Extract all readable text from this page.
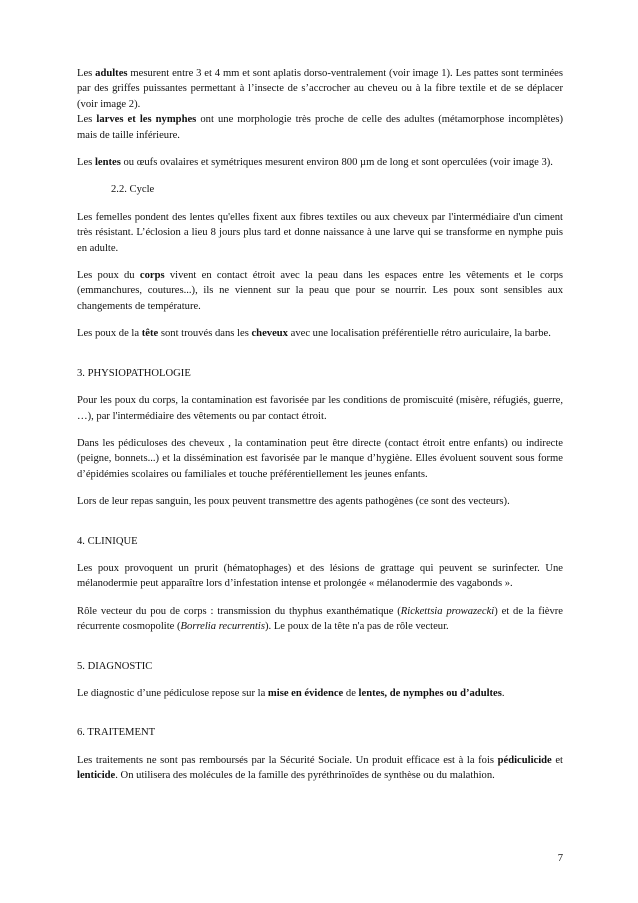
Les adultes mesurent entre 3 et 4 mm et sont aplatis dorso-ventralement (voir image 1). Les pattes sont terminées par des griffes puissantes permettant à l’insecte de s’accrocher au cheveu ou à la fibre textile et de se déplacer (voir image 2).

Les larves et les nymphes ont une morphologie très proche de celle des adultes (métamorphose incomplètes) mais de taille inférieure.

Les lentes ou œufs ovalaires et symétriques mesurent environ 800 µm de long et sont operculées (voir image 3).

2.2. Cycle

Les femelles pondent des lentes qu'elles fixent aux fibres textiles ou aux cheveux par l'intermédiaire d'un ciment très résistant. L’éclosion a lieu 8 jours plus tard et donne naissance à une larve qui se transforme en nymphe puis en adulte.

Les poux du corps vivent en contact étroit avec la peau dans les espaces entre les vêtements et le corps (emmanchures, coutures...), ils ne viennent sur la peau que pour se nourrir. Les poux sont sensibles aux changements de température.

Les poux de la tête sont trouvés dans les cheveux avec une localisation préférentielle rétro auriculaire, la barbe.

3. PHYSIOPATHOLOGIE

Pour les poux du corps, la contamination est favorisée par les conditions de promiscuité (misère, réfugiés, guerre, …), par l'intermédiaire des vêtements ou par contact étroit.

Dans les pédiculoses des cheveux , la contamination peut être directe (contact étroit entre enfants) ou indirecte (peigne, bonnets...) et la dissémination est favorisée par le manque d’hygiène. Elles évoluent souvent sous forme d’épidémies scolaires ou familiales et touche préférentiellement les jeunes enfants.

Lors de leur repas sanguin, les poux peuvent transmettre des agents pathogènes (ce sont des vecteurs).

4. CLINIQUE

Les poux provoquent un prurit (hématophages) et des lésions de grattage qui peuvent se surinfecter. Une mélanodermie peut apparaître lors d’infestation intense et prolongée « mélanodermie des vagabonds ».

Rôle vecteur du pou de corps : transmission du thyphus exanthématique (Rickettsia prowazecki) et de la fièvre récurrente cosmopolite (Borrelia recurrentis). Le poux de la tête n'a pas de rôle vecteur.

5. DIAGNOSTIC

Le diagnostic d’une pédiculose repose sur la mise en évidence de lentes, de nymphes ou d’adultes.

6. TRAITEMENT

Les traitements ne sont pas remboursés par la Sécurité Sociale. Un produit efficace est à la fois pédiculicide et lenticide. On utilisera des molécules de la famille des pyréthrinoïdes de synthèse ou du malathion.

7
